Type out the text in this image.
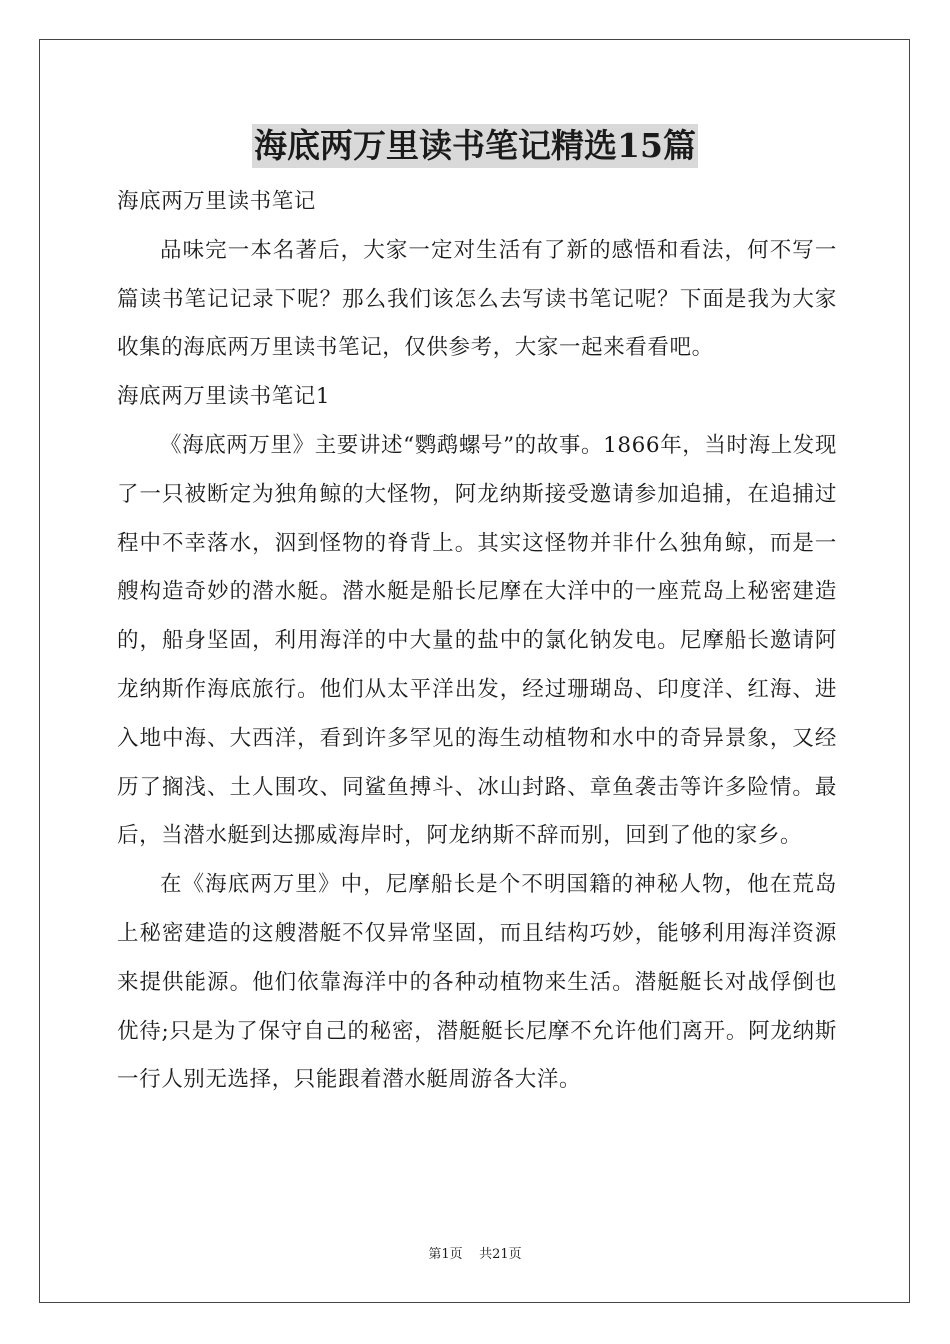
海底两万里读书笔记精选15篇

海底两万里读书笔记

品味完一本名著后，大家一定对生活有了新的感悟和看法，何不写一篇读书笔记记录下呢？那么我们该怎么去写读书笔记呢？下面是我为大家收集的海底两万里读书笔记，仅供参考，大家一起来看看吧。

海底两万里读书笔记1

《海底两万里》主要讲述“鹦鹉螺号”的故事。1866年，当时海上发现了一只被断定为独角鲸的大怪物，阿龙纳斯接受邀请参加追捕，在追捕过程中不幸落水，泅到怪物的脊背上。其实这怪物并非什么独角鲸，而是一艘构造奇妙的潜水艇。潜水艇是船长尼摩在大洋中的一座荒岛上秘密建造的，船身坚固，利用海洋的中大量的盐中的氯化钠发电。尼摩船长邀请阿龙纳斯作海底旅行。他们从太平洋出发，经过珊瑚岛、印度洋、红海、进入地中海、大西洋，看到许多罕见的海生动植物和水中的奇异景象，又经历了搁浅、土人围攻、同鲨鱼搏斗、冰山封路、章鱼袭击等许多险情。最后，当潜水艇到达挪威海岸时，阿龙纳斯不辞而别，回到了他的家乡。

在《海底两万里》中，尼摩船长是个不明国籍的神秘人物，他在荒岛上秘密建造的这艘潜艇不仅异常坚固，而且结构巧妙，能够利用海洋资源来提供能源。他们依靠海洋中的各种动植物来生活。潜艇艇长对战俘倒也优待;只是为了保守自己的秘密，潜艇艇长尼摩不允许他们离开。阿龙纳斯一行人别无选择，只能跟着潜水艇周游各大洋。

第1页    共21页
